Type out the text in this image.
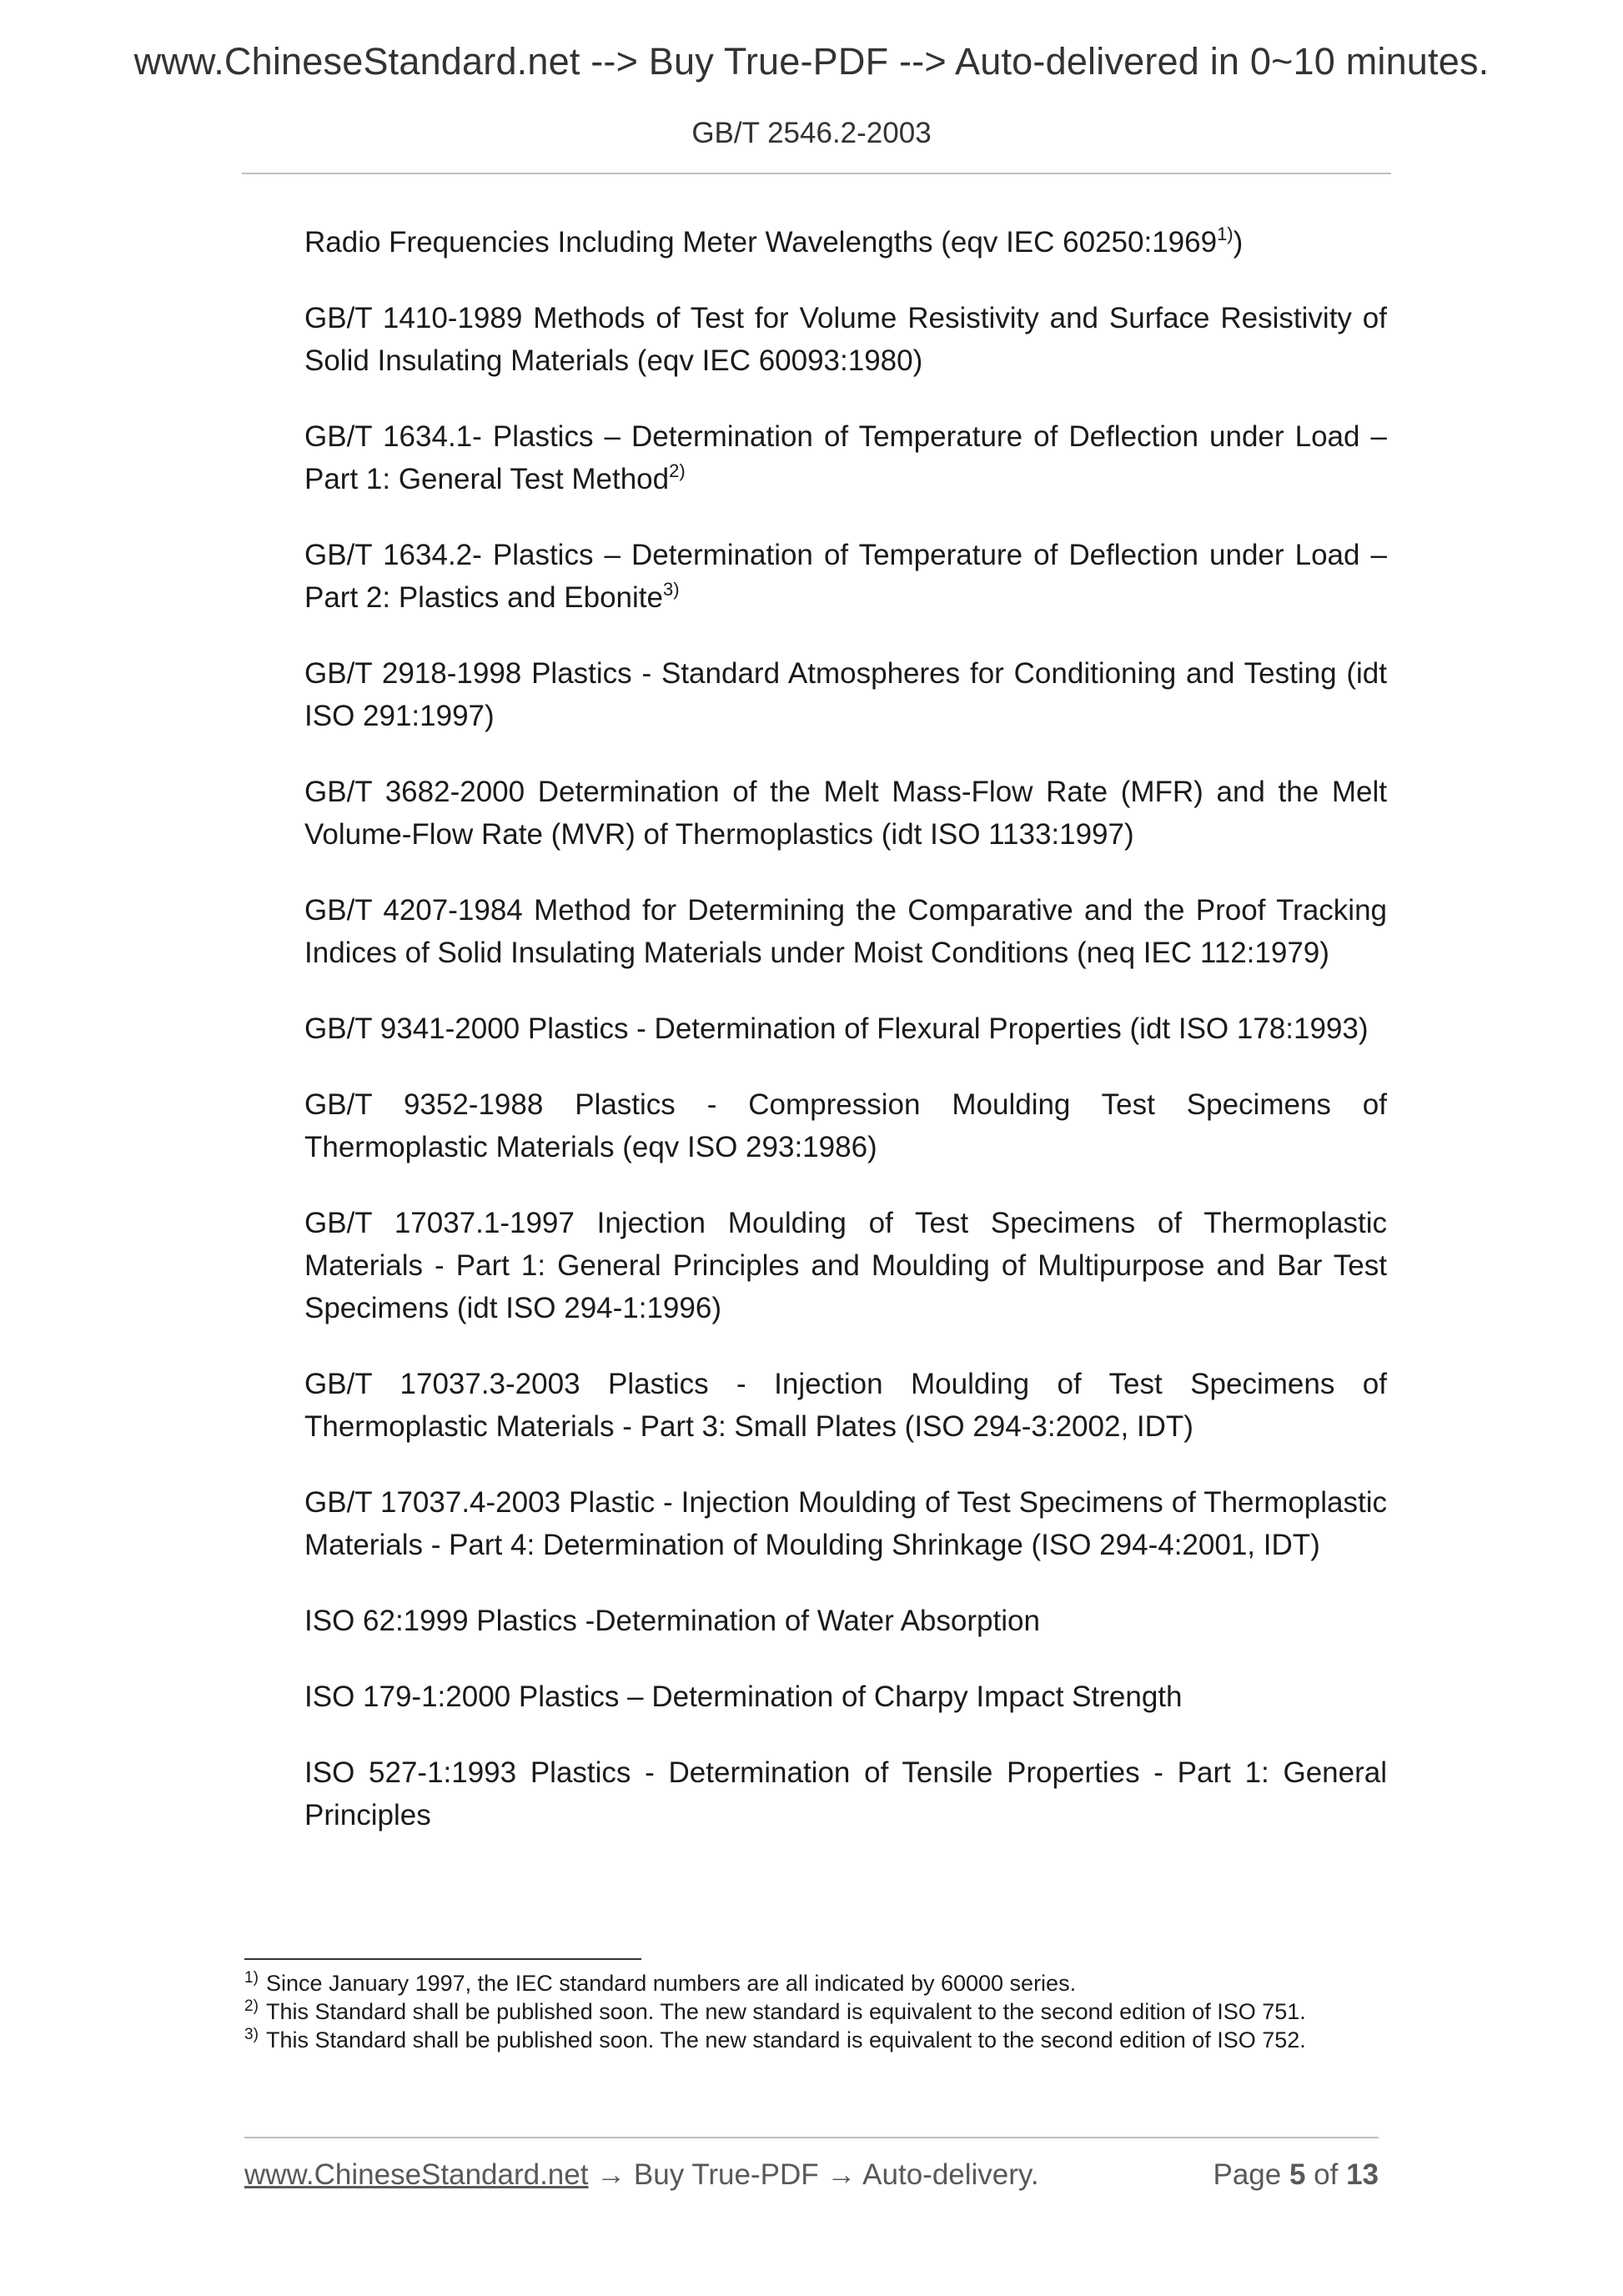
www.ChineseStandard.net --> Buy True-PDF --> Auto-delivered in 0~10 minutes.
GB/T 2546.2-2003

Radio Frequencies Including Meter Wavelengths (eqv IEC 60250:1969$^{1)}$)

GB/T 1410-1989 Methods of Test for Volume Resistivity and Surface Resistivity of Solid Insulating Materials (eqv IEC 60093:1980)

GB/T 1634.1- Plastics – Determination of Temperature of Deflection under Load – Part 1: General Test Method$^{2)}$

GB/T 1634.2- Plastics – Determination of Temperature of Deflection under Load – Part 2: Plastics and Ebonite$^{3)}$

GB/T 2918-1998 Plastics - Standard Atmospheres for Conditioning and Testing (idt ISO 291:1997)

GB/T 3682-2000 Determination of the Melt Mass-Flow Rate (MFR) and the Melt Volume-Flow Rate (MVR) of Thermoplastics (idt ISO 1133:1997)

GB/T 4207-1984 Method for Determining the Comparative and the Proof Tracking Indices of Solid Insulating Materials under Moist Conditions (neq IEC 112:1979)

GB/T 9341-2000 Plastics - Determination of Flexural Properties (idt ISO 178:1993)

GB/T 9352-1988 Plastics - Compression Moulding Test Specimens of Thermoplastic Materials (eqv ISO 293:1986)

GB/T 17037.1-1997 Injection Moulding of Test Specimens of Thermoplastic Materials - Part 1: General Principles and Moulding of Multipurpose and Bar Test Specimens (idt ISO 294-1:1996)

GB/T 17037.3-2003 Plastics - Injection Moulding of Test Specimens of Thermoplastic Materials - Part 3: Small Plates (ISO 294-3:2002, IDT)

GB/T 17037.4-2003 Plastic - Injection Moulding of Test Specimens of Thermoplastic Materials - Part 4: Determination of Moulding Shrinkage (ISO 294-4:2001, IDT)

ISO 62:1999 Plastics -Determination of Water Absorption

ISO 179-1:2000 Plastics – Determination of Charpy Impact Strength

ISO 527-1:1993 Plastics - Determination of Tensile Properties - Part 1: General Principles

1) Since January 1997, the IEC standard numbers are all indicated by 60000 series.
2) This Standard shall be published soon. The new standard is equivalent to the second edition of ISO 751.
3) This Standard shall be published soon. The new standard is equivalent to the second edition of ISO 752.
www.ChineseStandard.net → Buy True-PDF → Auto-delivery.	Page 5 of 13
